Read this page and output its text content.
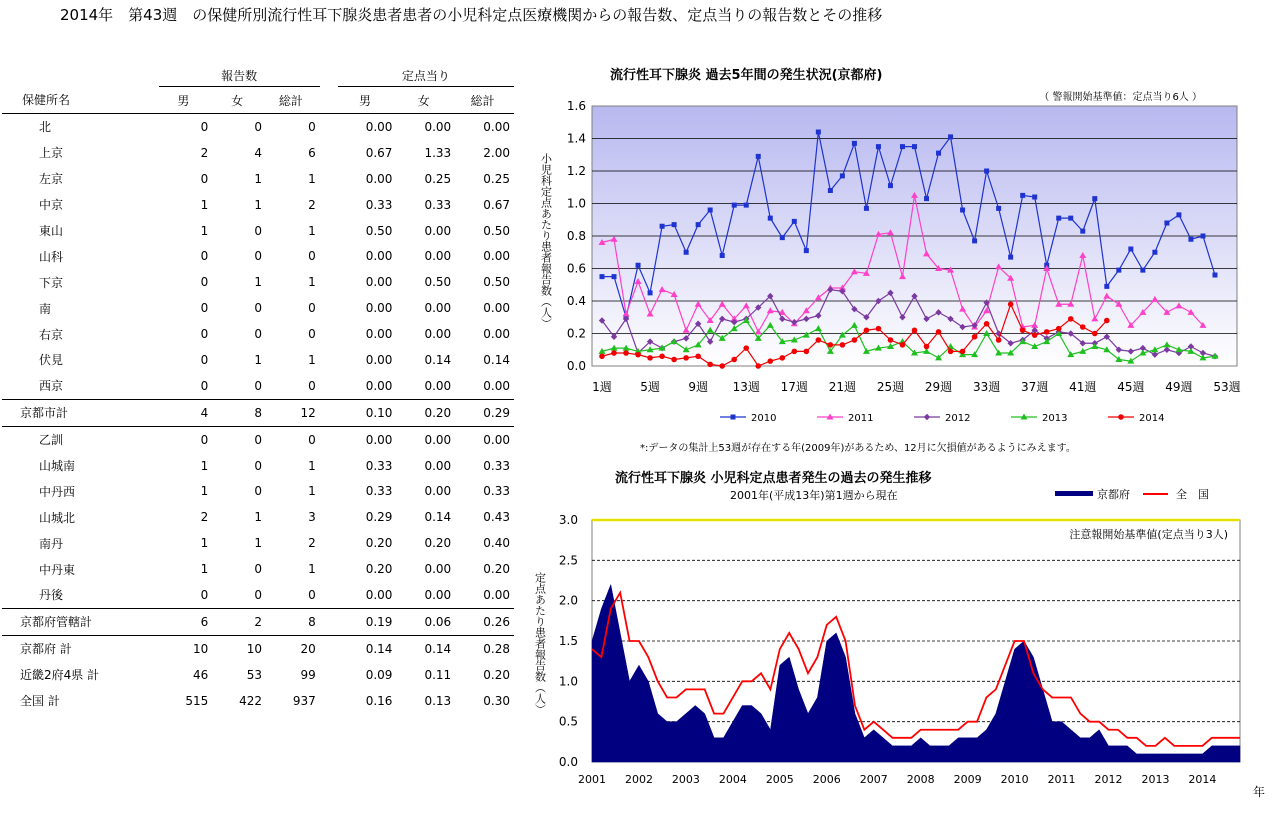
2014年　第43週　の保健所別流行性耳下腺炎患者患者の小児科定点医療機関からの報告数、定点当りの報告数とその推移
	報告数				定点当り		
保健所名	男	女	総計		男	女	総計
北	0	0	0		0.00	0.00	0.00
上京	2	4	6		0.67	1.33	2.00
左京	0	1	1		0.00	0.25	0.25
中京	1	1	2		0.33	0.33	0.67
東山	1	0	1		0.50	0.00	0.50
山科	0	0	0		0.00	0.00	0.00
下京	0	1	1		0.00	0.50	0.50
南	0	0	0		0.00	0.00	0.00
右京	0	0	0		0.00	0.00	0.00
伏見	0	1	1		0.00	0.14	0.14
西京	0	0	0		0.00	0.00	0.00
京都市計	4	8	12		0.10	0.20	0.29
乙訓	0	0	0		0.00	0.00	0.00
山城南	1	0	1		0.33	0.00	0.33
中丹西	1	0	1		0.33	0.00	0.33
山城北	2	1	3		0.29	0.14	0.43
南丹	1	1	2		0.20	0.20	0.40
中丹東	1	0	1		0.20	0.00	0.20
丹後	0	0	0		0.00	0.00	0.00
京都府管轄計	6	2	8		0.19	0.06	0.26
京都府 計	10	10	20		0.14	0.14	0.28
近畿2府4県 計	46	53	99		0.09	0.11	0.20
全国 計	515	422	937		0.16	0.13	0.30
流行性耳下腺炎 過去5年間の発生状況(京都府)
（ 警報開始基準値：定点当り6人 ）
小児科定点あたり患者報告数（人）
0.0
0.2
0.4
0.6
0.8
1.0
1.2
1.4
1.6
1週 5週 9週 13週 17週 21週 25週 29週 33週 37週 41週 45週 49週 53週
2010	2011	2012	2013	2014
*:データの集計上53週が存在する年(2009年)があるため、12月に欠損値があるようにみえます。
流行性耳下腺炎 小児科定点患者発生の過去の発生推移
2001年(平成13年)第1週から現在	京都府	全　国
0.0
0.5
1.0
1.5
2.0
2.5
3.0
注意報開始基準値(定点当り3人)
2001 2002 2003 2004 2005 2006 2007 2008 2009 2010 2011 2012 2013 2014
年
定点あたり患者報告数（人）
